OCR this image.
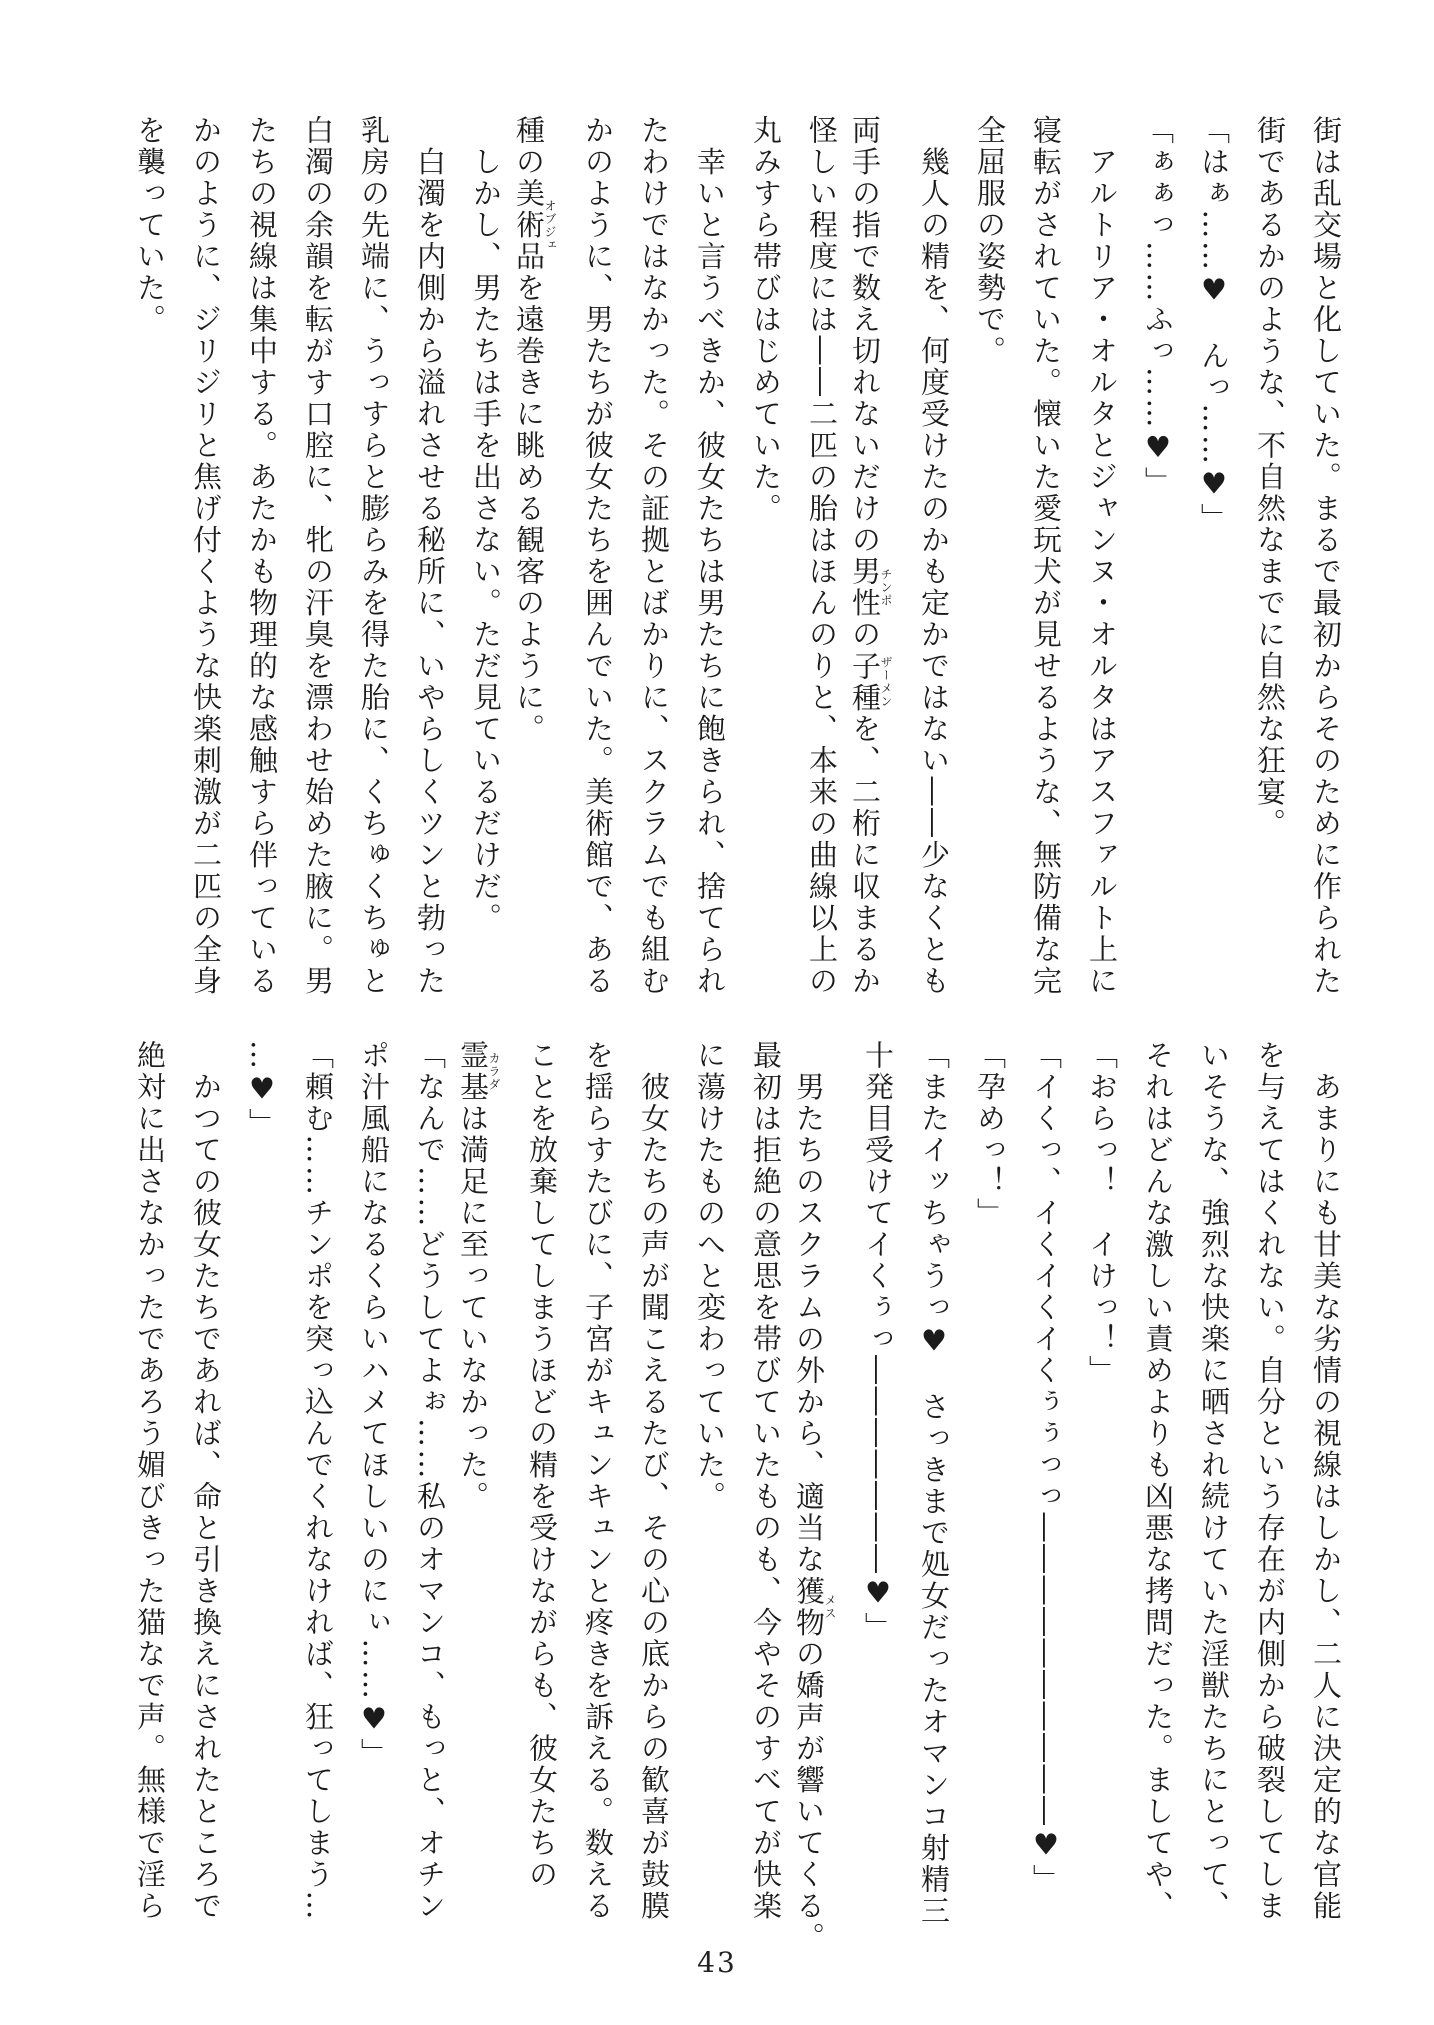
街は乱交場と化していた。まるで最初からそのために作られた
街であるかのような、不自然なまでに自然な狂宴。
「はぁ……♥　んっ……♥」
「ぁぁっ……ふっ……♥」
　アルトリア・オルタとジャンヌ・オルタはアスファルト上に
寝転がされていた。懐いた愛玩犬が見せるような、無防備な完
全屈服の姿勢で。
　幾人の精を、何度受けたのかも定かではない――少なくとも
両手の指で数え切れないだけの男性チンポの子種ザーメンを、二桁に収まるか
怪しい程度には――二匹の胎はほんのりと、本来の曲線以上の
丸みすら帯びはじめていた。
　幸いと言うべきか、彼女たちは男たちに飽きられ、捨てられ
たわけではなかった。その証拠とばかりに、スクラムでも組む
かのように、男たちが彼女たちを囲んでいた。美術館で、ある
種の美術品オブジェを遠巻きに眺める観客のように。
　しかし、男たちは手を出さない。ただ見ているだけだ。
　白濁を内側から溢れさせる秘所に、いやらしくツンと勃った
乳房の先端に、うっすらと膨らみを得た胎に、くちゅくちゅと
白濁の余韻を転がす口腔に、牝の汗臭を漂わせ始めた腋に。男
たちの視線は集中する。あたかも物理的な感触すら伴っている
かのように、ジリジリと焦げ付くような快楽刺激が二匹の全身
を襲っていた。
　あまりにも甘美な劣情の視線はしかし、二人に決定的な官能
を与えてはくれない。自分という存在が内側から破裂してしま
いそうな、強烈な快楽に晒され続けていた淫獣たちにとって、
それはどんな激しい責めよりも凶悪な拷問だった。ましてや、
「おらっ！　イけっ！」
「イくっ、イくイくイくぅぅっっ――――――――――♥」
「孕めっ！」
「またイッちゃうっ♥　さっきまで処女だったオマンコ射精三
十発目受けてイくぅっ―――――――♥」
　男たちのスクラムの外から、適当な獲物メスの嬌声が響いてくる。
最初は拒絶の意思を帯びていたものも、今やそのすべてが快楽
に蕩けたものへと変わっていた。
　彼女たちの声が聞こえるたび、その心の底からの歓喜が鼓膜
を揺らすたびに、子宮がキュンキュンと疼きを訴える。数える
ことを放棄してしまうほどの精を受けながらも、彼女たちの
霊基カラダは満足に至っていなかった。
「なんで……どうしてよぉ……私のオマンコ、もっと、オチン
ポ汁風船になるくらいハメてほしいのにぃ……♥」
「頼む……チンポを突っ込んでくれなければ、狂ってしまう…
…♥」
　かつての彼女たちであれば、命と引き換えにされたところで
絶対に出さなかったであろう媚びきった猫なで声。無様で淫ら
43
